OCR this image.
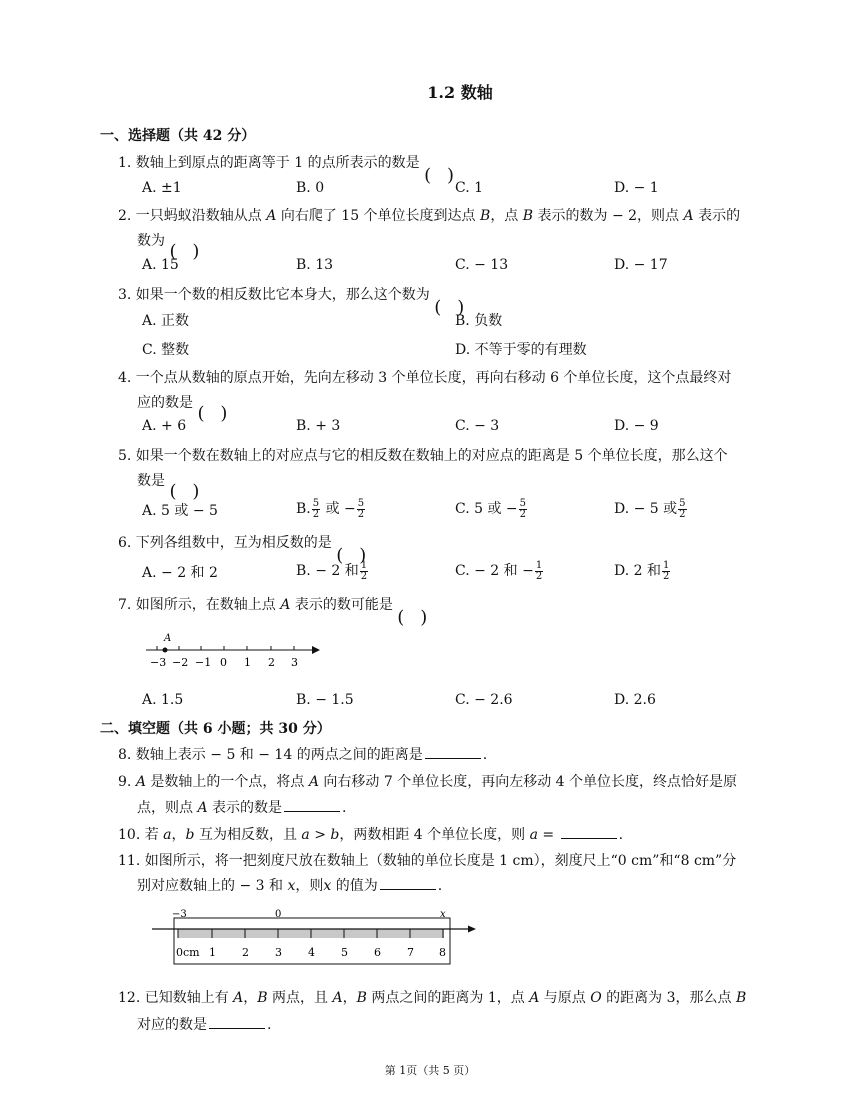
1.2 数轴
一、选择题（共 42 分）
1. 数轴上到原点的距离等于 1 的点所表示的数是
A. ±1	B. 0	C. 1	D. − 1
2. 一只蚂蚁沿数轴从点 A 向右爬了 15 个单位长度到达点 B，点 B 表示的数为 − 2，则点 A 表示的
数为
A. 15	B. 13	C. − 13	D. − 17
3. 如果一个数的相反数比它本身大，那么这个数为
A. 正数	B. 负数
C. 整数	D. 不等于零的有理数
4. 一个点从数轴的原点开始，先向左移动 3 个单位长度，再向右移动 6 个单位长度，这个点最终对
应的数是
A. + 6	B. + 3	C. − 3	D. − 9
5. 如果一个数在数轴上的对应点与它的相反数在数轴上的对应点的距离是 5 个单位长度，那么这个
数是
A. 5 或 − 5	B. $\frac{5}{2}$ 或 − $\frac{5}{2}$	C. 5 或 − $\frac{5}{2}$	D. − 5 或 $\frac{5}{2}$
6. 下列各组数中，互为相反数的是
A. − 2 和 2	B. − 2 和 $\frac{1}{2}$	C. − 2 和 − $\frac{1}{2}$	D. 2 和 $\frac{1}{2}$
7. 如图所示，在数轴上点 A 表示的数可能是
A
−3 −2 −1 0 1 2 3
A. 1.5	B. − 1.5	C. − 2.6	D. 2.6
二、填空题（共 6 小题；共 30 分）
8. 数轴上表示 − 5 和 − 14 的两点之间的距离是	.
9. A 是数轴上的一个点，将点 A 向右移动 7 个单位长度，再向左移动 4 个单位长度，终点恰好是原
点，则点 A 表示的数是	.
10. 若 a，b 互为相反数，且 a > b，两数相距 4 个单位长度，则 a =	.
11. 如图所示，将一把刻度尺放在数轴上（数轴的单位长度是 1 cm），刻度尺上“0 cm”和“8 cm”分
别对应数轴上的 − 3 和 x，则x 的值为	.
−3	0	x
0cm 1 2 3 4 5 6 7 8
12. 已知数轴上有 A，B 两点，且 A，B 两点之间的距离为 1，点 A 与原点 O 的距离为 3，那么点 B
对应的数是	.
第 1页（共 5 页）
